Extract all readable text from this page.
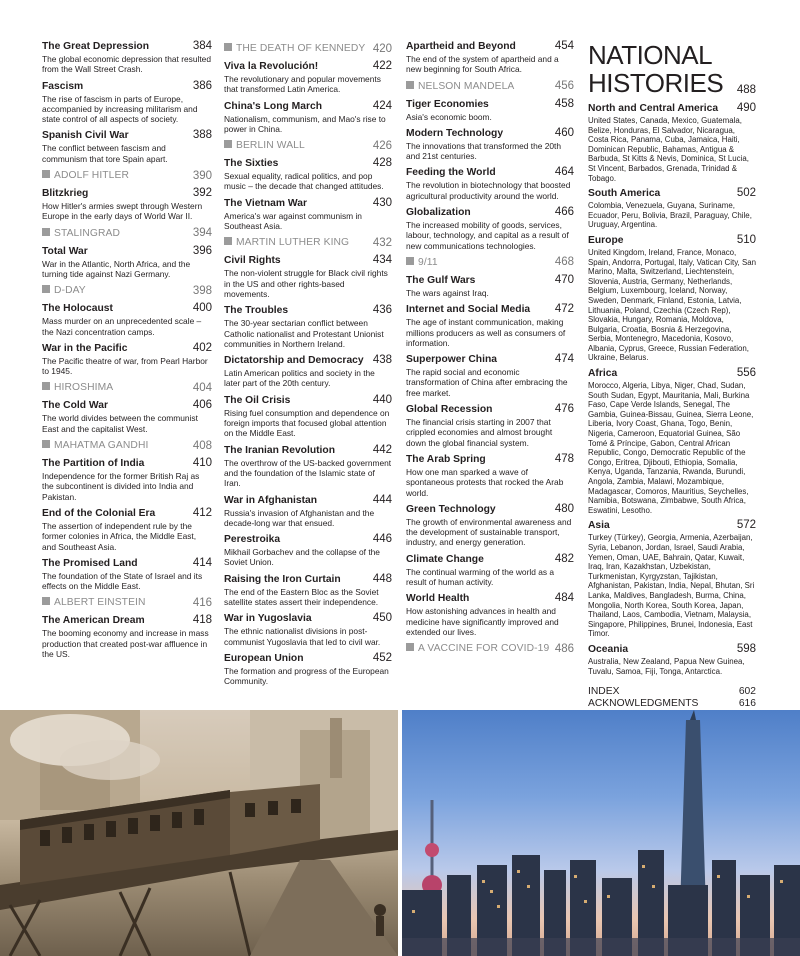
The Great Depression	384
The global economic depression that resulted from the Wall Street Crash.
Fascism	386
The rise of fascism in parts of Europe, accompanied by increasing militarism and state control of all aspects of society.
Spanish Civil War	388
The conflict between fascism and communism that tore Spain apart.
ADOLF HITLER	390
Blitzkrieg	392
How Hitler's armies swept through Western Europe in the early days of World War II.
STALINGRAD	394
Total War	396
War in the Atlantic, North Africa, and the turning tide against Nazi Germany.
D-DAY	398
The Holocaust	400
Mass murder on an unprecedented scale – the Nazi concentration camps.
War in the Pacific	402
The Pacific theatre of war, from Pearl Harbor to 1945.
HIROSHIMA	404
The Cold War	406
The world divides between the communist East and the capitalist West.
MAHATMA GANDHI	408
The Partition of India	410
Independence for the former British Raj as the subcontinent is divided into India and Pakistan.
End of the Colonial Era	412
The assertion of independent rule by the former colonies in Africa, the Middle East, and Southeast Asia.
The Promised Land	414
The foundation of the State of Israel and its effects on the Middle East.
ALBERT EINSTEIN	416
The American Dream	418
The booming economy and increase in mass production that created post-war affluence in the US.
THE DEATH OF KENNEDY 420
Viva la Revolución!	422
The revolutionary and popular movements that transformed Latin America.
China's Long March	424
Nationalism, communism, and Mao's rise to power in China.
BERLIN WALL	426
The Sixties	428
Sexual equality, radical politics, and pop music – the decade that changed attitudes.
The Vietnam War	430
America's war against communism in Southeast Asia.
MARTIN LUTHER KING 432
Civil Rights	434
The non-violent struggle for Black civil rights in the US and other rights-based movements.
The Troubles	436
The 30-year sectarian conflict between Catholic nationalist and Protestant Unionist communities in Northern Ireland.
Dictatorship and Democracy 438
Latin American politics and society in the later part of the 20th century.
The Oil Crisis	440
Rising fuel consumption and dependence on foreign imports that focused global attention on the Middle East.
The Iranian Revolution	442
The overthrow of the US-backed government and the foundation of the Islamic state of Iran.
War in Afghanistan	444
Russia's invasion of Afghanistan and the decade-long war that ensued.
Perestroika	446
Mikhail Gorbachev and the collapse of the Soviet Union.
Raising the Iron Curtain	448
The end of the Eastern Bloc as the Soviet satellite states assert their independence.
War in Yugoslavia	450
The ethnic nationalist divisions in post-communist Yugoslavia that led to civil war.
European Union	452
The formation and progress of the European Community.
Apartheid and Beyond	454
The end of the system of apartheid and a new beginning for South Africa.
NELSON MANDELA	456
Tiger Economies	458
Asia's economic boom.
Modern Technology	460
The innovations that transformed the 20th and 21st centuries.
Feeding the World	464
The revolution in biotechnology that boosted agricultural productivity around the world.
Globalization	466
The increased mobility of goods, services, labour, technology, and capital as a result of new communications technologies.
9/11	468
The Gulf Wars	470
The wars against Iraq.
Internet and Social Media	472
The age of instant communication, making millions producers as well as consumers of information.
Superpower China	474
The rapid social and economic transformation of China after embracing the free market.
Global Recession	476
The financial crisis starting in 2007 that crippled economies and almost brought down the global financial system.
The Arab Spring	478
How one man sparked a wave of spontaneous protests that rocked the Arab world.
Green Technology	480
The growth of environmental awareness and the development of sustainable transport, industry, and energy generation.
Climate Change	482
The continual warming of the world as a result of human activity.
World Health	484
How astonishing advances in health and medicine have significantly improved and extended our lives.
A VACCINE FOR COVID-19 486
NATIONAL
HISTORIES 488
North and Central America	490
United States, Canada, Mexico, Guatemala, Belize, Honduras, El Salvador, Nicaragua, Costa Rica, Panama, Cuba, Jamaica, Haiti, Dominican Republic, Bahamas, Antigua & Barbuda, St Kitts & Nevis, Dominica, St Lucia, St Vincent, Barbados, Grenada, Trinidad & Tobago.
South America	502
Colombia, Venezuela, Guyana, Suriname, Ecuador, Peru, Bolivia, Brazil, Paraguay, Chile, Uruguay, Argentina.
Europe	510
United Kingdom, Ireland, France, Monaco, Spain, Andorra, Portugal, Italy, Vatican City, San Marino, Malta, Switzerland, Liechtenstein, Slovenia, Austria, Germany, Netherlands, Belgium, Luxembourg, Iceland, Norway, Sweden, Denmark, Finland, Estonia, Latvia, Lithuania, Poland, Czechia (Czech Rep), Slovakia, Hungary, Romania, Moldova, Bulgaria, Croatia, Bosnia & Herzegovina, Serbia, Montenegro, Macedonia, Kosovo, Albania, Cyprus, Greece, Russian Federation, Ukraine, Belarus.
Africa	556
Morocco, Algeria, Libya, Niger, Chad, Sudan, South Sudan, Egypt, Mauritania, Mali, Burkina Faso, Cape Verde Islands, Senegal, The Gambia, Guinea-Bissau, Guinea, Sierra Leone, Liberia, Ivory Coast, Ghana, Togo, Benin, Nigeria, Cameroon, Equatorial Guinea, São Tomé & Príncipe, Gabon, Central African Republic, Congo, Democratic Republic of the Congo, Eritrea, Djibouti, Ethiopia, Somalia, Kenya, Uganda, Tanzania, Rwanda, Burundi, Angola, Zambia, Malawi, Mozambique, Madagascar, Comoros, Mauritius, Seychelles, Namibia, Botswana, Zimbabwe, South Africa, Eswatini, Lesotho.
Asia	572
Turkey (Türkey), Georgia, Armenia, Azerbaijan, Syria, Lebanon, Jordan, Israel, Saudi Arabia, Yemen, Oman, UAE, Bahrain, Qatar, Kuwait, Iraq, Iran, Kazakhstan, Uzbekistan, Turkmenistan, Kyrgyzstan, Tajikistan, Afghanistan, Pakistan, India, Nepal, Bhutan, Sri Lanka, Maldives, Bangladesh, Burma, China, Mongolia, North Korea, South Korea, Japan, Thailand, Laos, Cambodia, Vietnam, Malaysia, Singapore, Philippines, Brunei, Indonesia, East Timor.
Oceania	598
Australia, New Zealand, Papua New Guinea, Tuvalu, Samoa, Fiji, Tonga, Antarctica.
INDEX	602
ACKNOWLEDGMENTS	616
